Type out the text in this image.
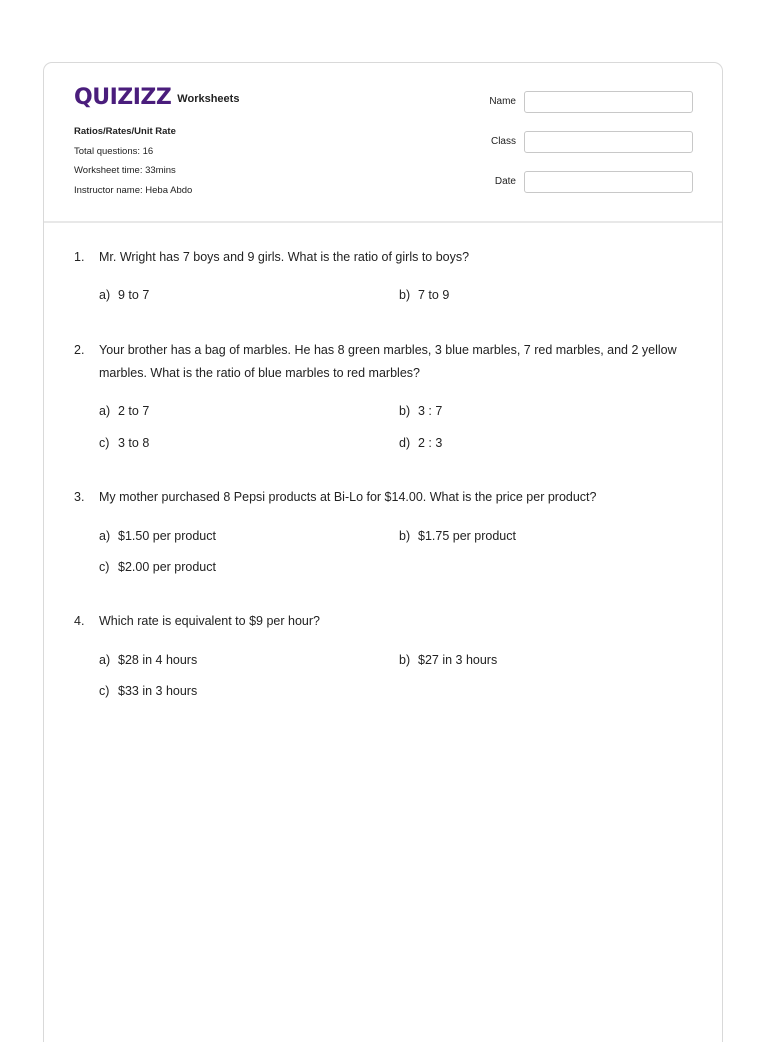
QUIZIZZ Worksheets
Ratios/Rates/Unit Rate
Total questions: 16
Worksheet time: 33mins
Instructor name: Heba Abdo
Name
Class
Date
1. Mr. Wright has 7 boys and 9 girls. What is the ratio of girls to boys?
a) 9 to 7	b) 7 to 9
2. Your brother has a bag of marbles. He has 8 green marbles, 3 blue marbles, 7 red marbles, and 2 yellow marbles. What is the ratio of blue marbles to red marbles?
a) 2 to 7	b) 3 : 7
c) 3 to 8	d) 2 : 3
3. My mother purchased 8 Pepsi products at Bi-Lo for $14.00. What is the price per product?
a) $1.50 per product	b) $1.75 per product
c) $2.00 per product
4. Which rate is equivalent to $9 per hour?
a) $28 in 4 hours	b) $27 in 3 hours
c) $33 in 3 hours
